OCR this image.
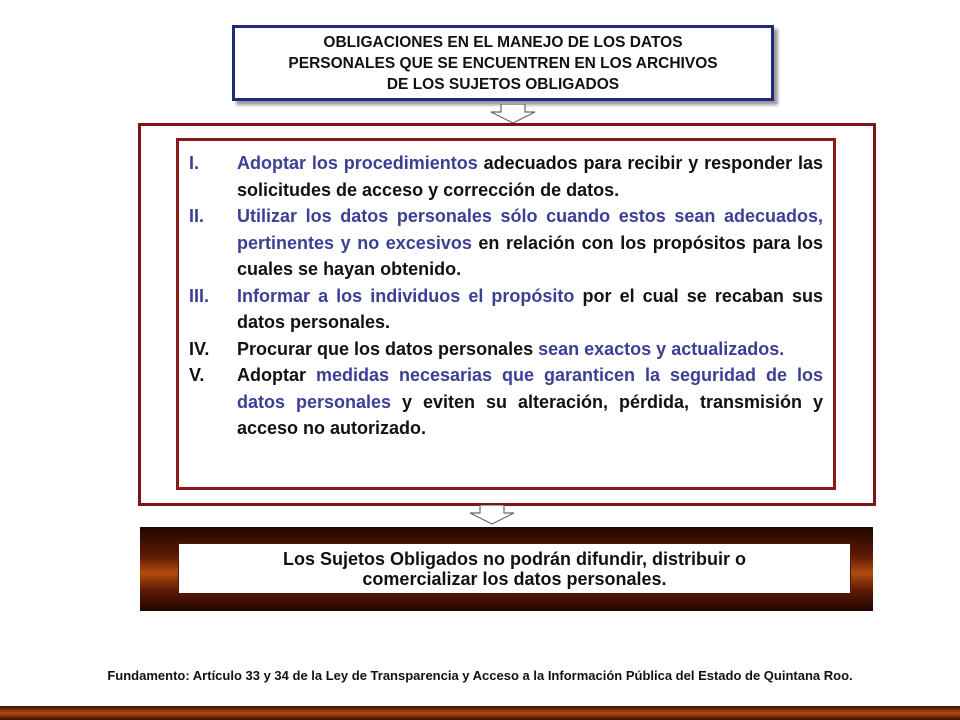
OBLIGACIONES EN EL MANEJO DE LOS DATOS
PERSONALES QUE SE ENCUENTREN EN LOS ARCHIVOS
DE LOS SUJETOS OBLIGADOS
I.	Adoptar los procedimientos adecuados para recibir y responder las solicitudes de acceso y corrección de datos.
II.	Utilizar los datos personales sólo cuando estos sean adecuados, pertinentes y no excesivos en relación con los propósitos para los cuales se hayan obtenido.
III.	Informar a los individuos el propósito por el cual se recaban sus datos personales.
IV.	Procurar que los datos personales sean exactos y actualizados.
V.	Adoptar medidas necesarias que garanticen la seguridad de los datos personales y eviten su alteración, pérdida, transmisión y acceso no autorizado.
Los Sujetos Obligados no podrán difundir, distribuir o
comercializar los datos personales.
Fundamento: Artículo 33 y 34 de la Ley de Transparencia y Acceso a la Información Pública del Estado de Quintana Roo.
